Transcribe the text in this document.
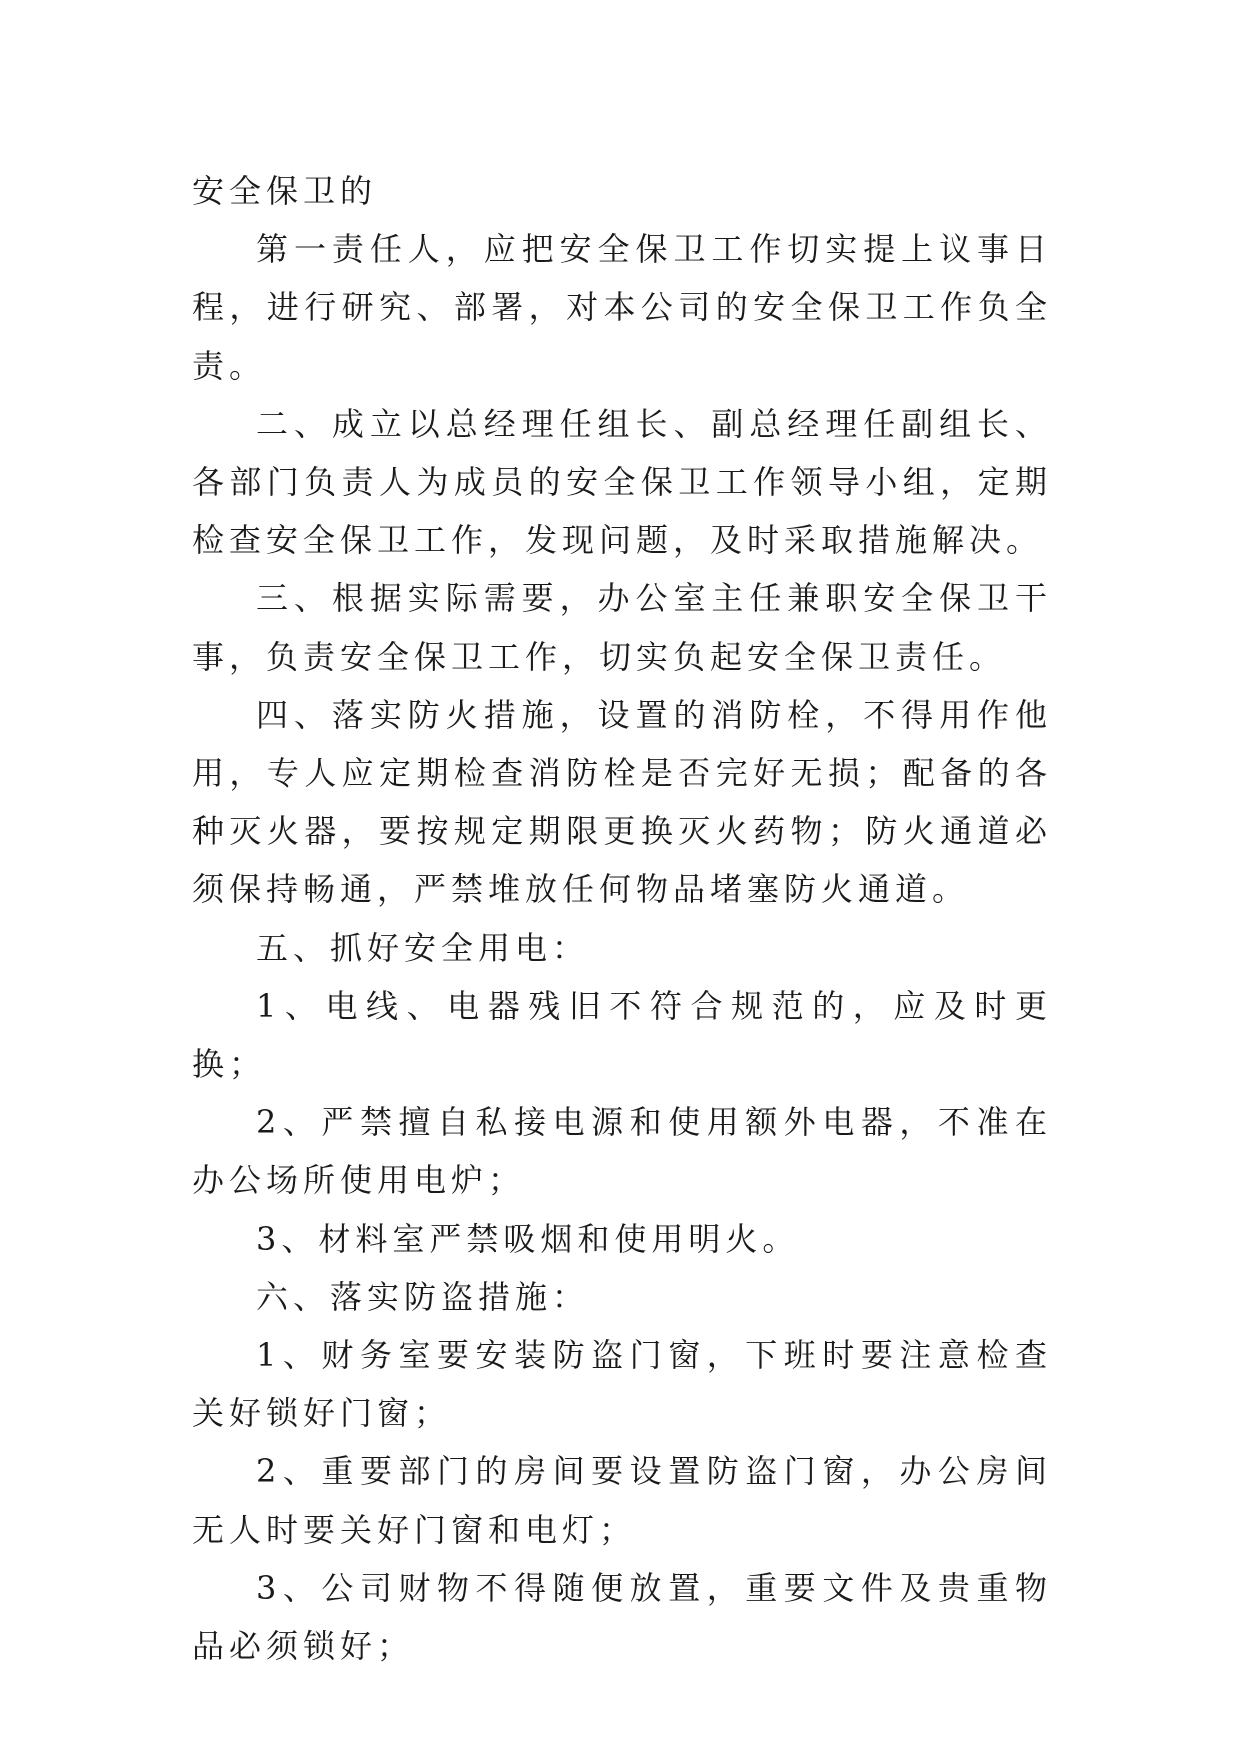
安全保卫的

第一责任人，应把安全保卫工作切实提上议事日程，进行研究、部署，对本公司的安全保卫工作负全责。

二、成立以总经理任组长、副总经理任副组长、各部门负责人为成员的安全保卫工作领导小组，定期检查安全保卫工作，发现问题，及时采取措施解决。

三、根据实际需要，办公室主任兼职安全保卫干事，负责安全保卫工作，切实负起安全保卫责任。

四、落实防火措施，设置的消防栓，不得用作他用，专人应定期检查消防栓是否完好无损；配备的各种灭火器，要按规定期限更换灭火药物；防火通道必须保持畅通，严禁堆放任何物品堵塞防火通道。

五、抓好安全用电：

1、电线、电器残旧不符合规范的，应及时更换；

2、严禁擅自私接电源和使用额外电器，不准在办公场所使用电炉；

3、材料室严禁吸烟和使用明火。

六、落实防盗措施：

1、财务室要安装防盗门窗，下班时要注意检查关好锁好门窗；

2、重要部门的房间要设置防盗门窗，办公房间无人时要关好门窗和电灯；

3、公司财物不得随便放置，重要文件及贵重物品必须锁好；
